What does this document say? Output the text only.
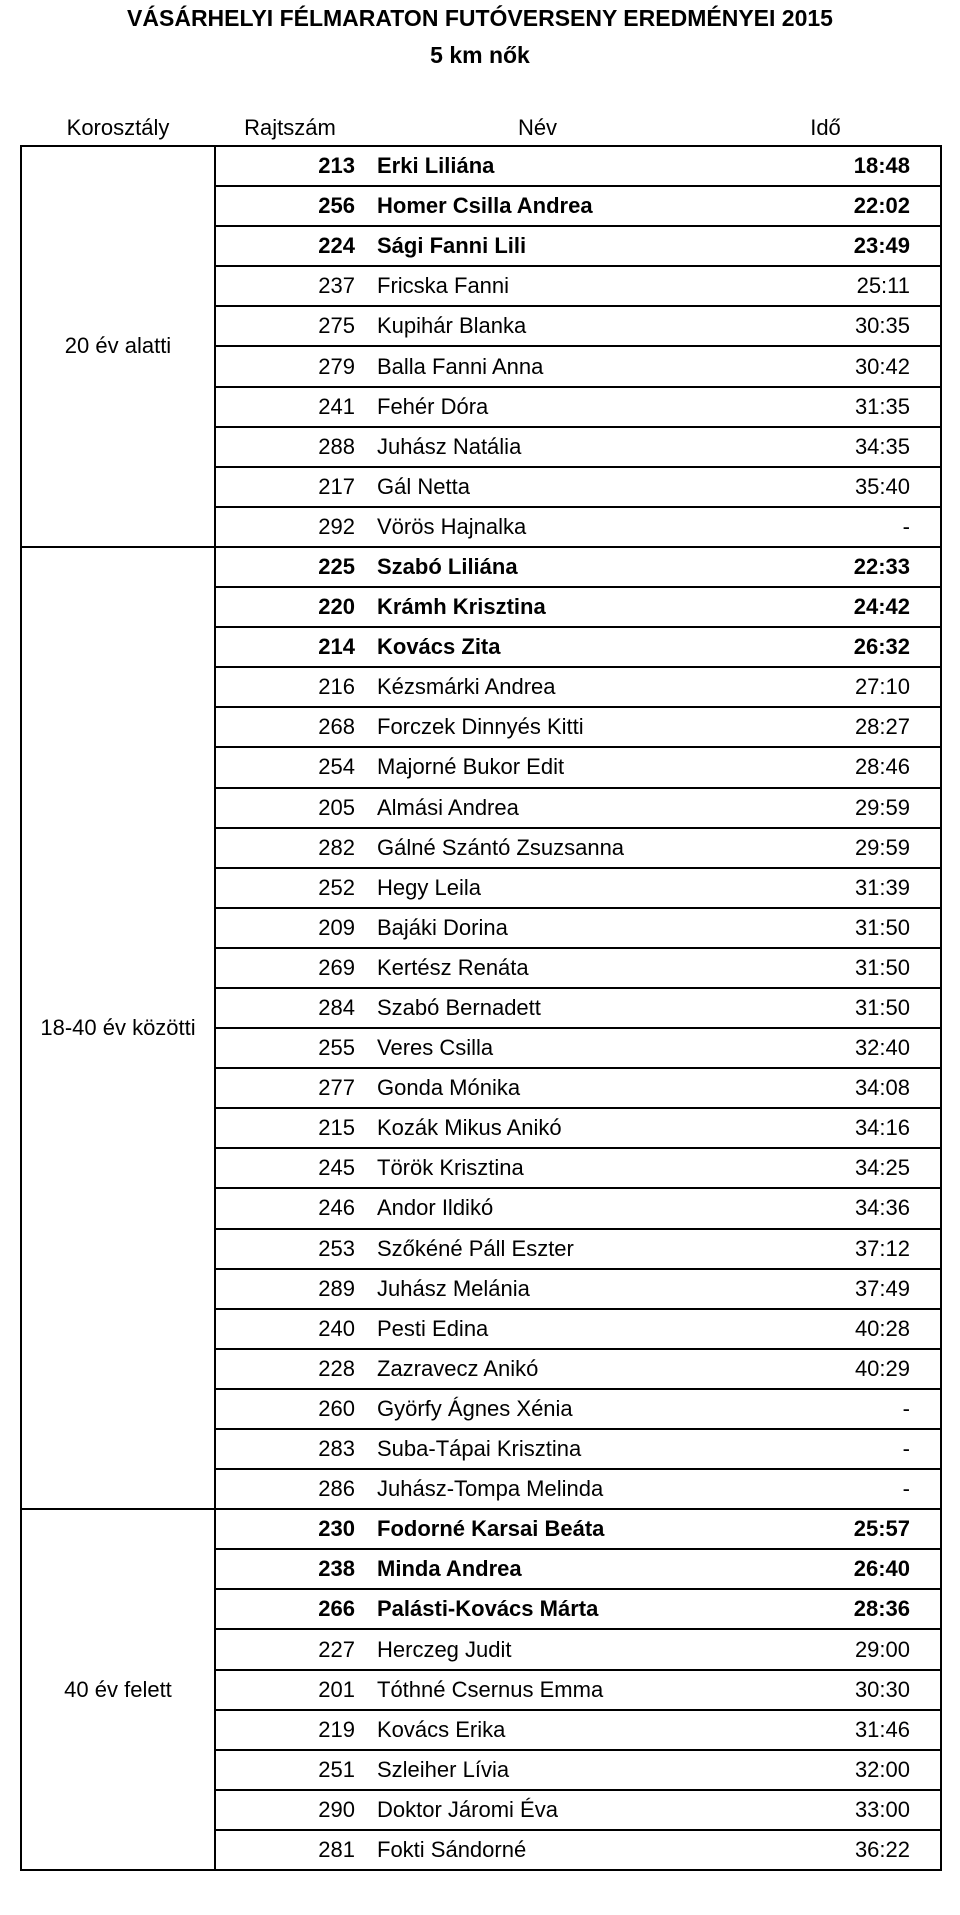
VÁSÁRHELYI FÉLMARATON FUTÓVERSENY EREDMÉNYEI 2015
5 km nők
Korosztály	Rajtszám	Név	Idő
20 év alatti	213	Erki Liliána	18:48
	256	Homer Csilla Andrea	22:02
	224	Sági Fanni Lili	23:49
	237	Fricska Fanni	25:11
	275	Kupihár Blanka	30:35
	279	Balla Fanni Anna	30:42
	241	Fehér Dóra	31:35
	288	Juhász Natália	34:35
	217	Gál Netta	35:40
	292	Vörös Hajnalka	-
18-40 év közötti	225	Szabó Liliána	22:33
	220	Krámh Krisztina	24:42
	214	Kovács Zita	26:32
	216	Kézsmárki Andrea	27:10
	268	Forczek Dinnyés Kitti	28:27
	254	Majorné Bukor Edit	28:46
	205	Almási Andrea	29:59
	282	Gálné Szántó Zsuzsanna	29:59
	252	Hegy Leila	31:39
	209	Bajáki Dorina	31:50
	269	Kertész Renáta	31:50
	284	Szabó Bernadett	31:50
	255	Veres Csilla	32:40
	277	Gonda Mónika	34:08
	215	Kozák Mikus Anikó	34:16
	245	Török Krisztina	34:25
	246	Andor Ildikó	34:36
	253	Szőkéné Páll Eszter	37:12
	289	Juhász Melánia	37:49
	240	Pesti Edina	40:28
	228	Zazravecz Anikó	40:29
	260	Györfy Ágnes Xénia	-
	283	Suba-Tápai Krisztina	-
	286	Juhász-Tompa Melinda	-
40 év felett	230	Fodorné Karsai Beáta	25:57
	238	Minda Andrea	26:40
	266	Palásti-Kovács Márta	28:36
	227	Herczeg Judit	29:00
	201	Tóthné Csernus Emma	30:30
	219	Kovács Erika	31:46
	251	Szleiher Lívia	32:00
	290	Doktor Járomi Éva	33:00
	281	Fokti Sándorné	36:22
